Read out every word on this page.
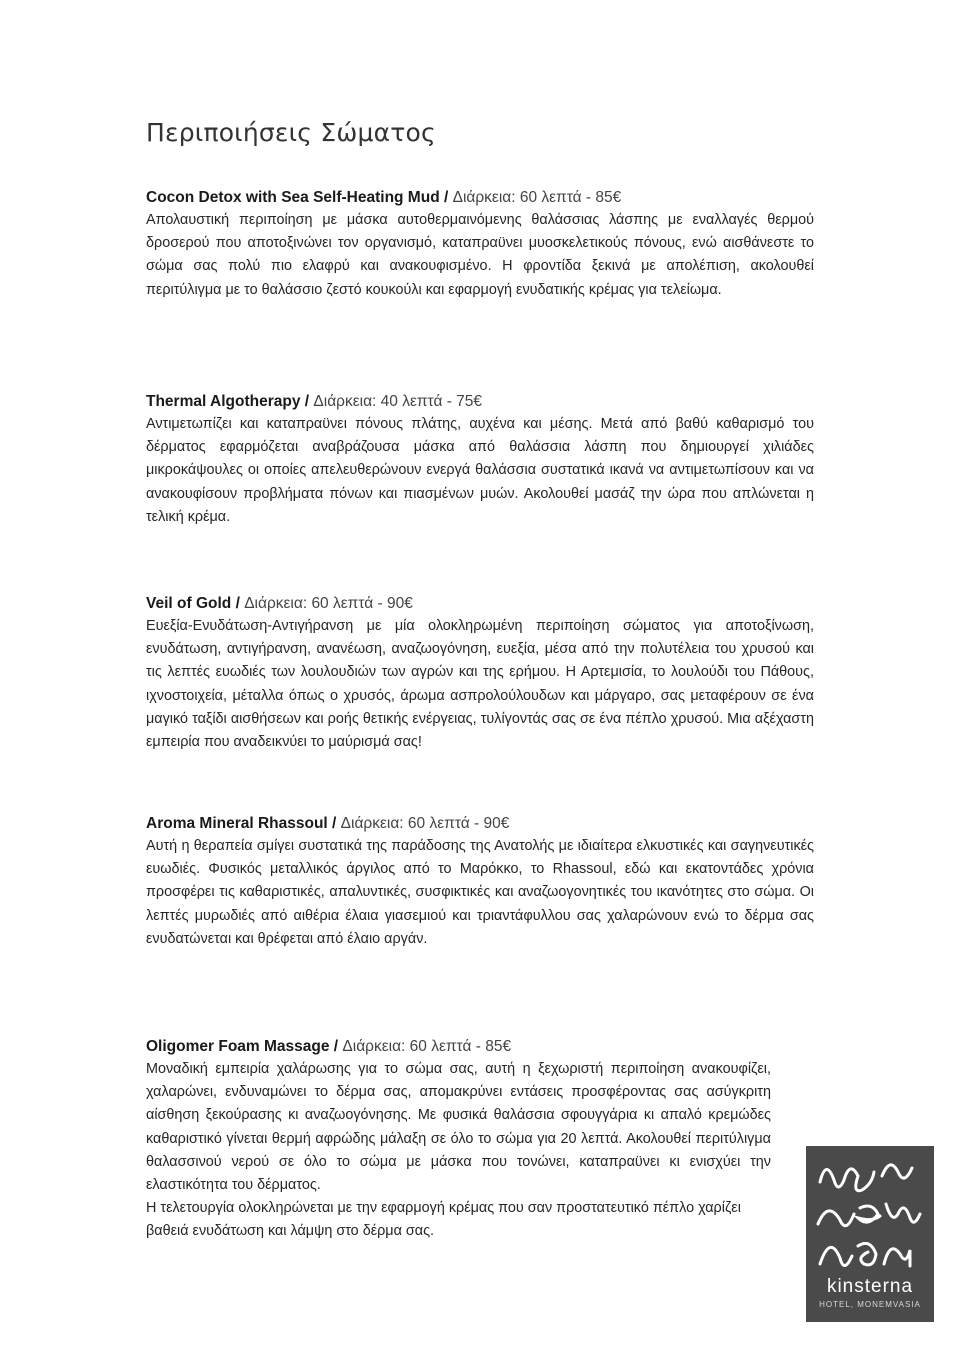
Περιποιήσεις Σώματος

Cocon Detox with Sea Self-Heating Mud / Διάρκεια: 60 λεπτά - 85€

Απολαυστική περιποίηση με μάσκα αυτοθερμαινόμενης θαλάσσιας λάσπης με εναλλαγές θερμού δροσερού που αποτοξινώνει τον οργανισμό, καταπραϋνει μυοσκελετικούς πόνους, ενώ αισθάνεστε το σώμα σας πολύ πιο ελαφρύ και ανακουφισμένο. Η φροντίδα ξεκινά με απολέπιση, ακολουθεί περιτύλιγμα με το θαλάσσιο ζεστό κουκούλι και εφαρμογή ενυδατικής κρέμας για τελείωμα.

Thermal Algotherapy / Διάρκεια: 40 λεπτά - 75€

Αντιμετωπίζει και καταπραϋνει πόνους πλάτης, αυχένα και μέσης. Μετά από βαθύ καθαρισμό του δέρματος εφαρμόζεται αναβράζουσα μάσκα από θαλάσσια λάσπη που δημιουργεί χιλιάδες μικροκάψουλες οι οποίες απελευθερώνουν ενεργά θαλάσσια συστατικά ικανά να αντιμετωπίσουν και να ανακουφίσουν προβλήματα πόνων και πιασμένων μυών. Ακολουθεί μασάζ την ώρα που απλώνεται η τελική κρέμα.

Veil of Gold / Διάρκεια: 60 λεπτά - 90€

Ευεξία-Ενυδάτωση-Αντιγήρανση με μία ολοκληρωμένη περιποίηση σώματος για αποτοξίνωση, ενυδάτωση, αντιγήρανση, ανανέωση, αναζωογόνηση, ευεξία, μέσα από την πολυτέλεια του χρυσού και τις λεπτές ευωδιές των λουλουδιών των αγρών και της ερήμου. Η Αρτεμισία, το λουλούδι του Πάθους, ιχνοστοιχεία, μέταλλα όπως ο χρυσός, άρωμα ασπρολούλουδων και μάργαρο, σας μεταφέρουν σε ένα μαγικό ταξίδι αισθήσεων και ροής θετικής ενέργειας, τυλίγοντάς σας σε ένα πέπλο χρυσού. Μια αξέχαστη εμπειρία που αναδεικνύει το μαύρισμά σας!

Aroma Mineral Rhassoul / Διάρκεια: 60 λεπτά - 90€

Αυτή η θεραπεία σμίγει συστατικά της παράδοσης της Ανατολής με ιδιαίτερα ελκυστικές και σαγηνευτικές ευωδιές. Φυσικός μεταλλικός άργιλος από το Μαρόκκο, το Rhassoul, εδώ και εκατοντάδες χρόνια προσφέρει τις καθαριστικές, απαλυντικές, συσφικτικές και αναζωογονητικές του ικανότητες στο σώμα. Οι λεπτές μυρωδιές από αιθέρια έλαια γιασεμιού και τριαντάφυλλου σας χαλαρώνουν ενώ το δέρμα σας ενυδατώνεται και θρέφεται από έλαιο αργάν.

Oligomer Foam Massage / Διάρκεια: 60 λεπτά - 85€

Μοναδική εμπειρία χαλάρωσης για το σώμα σας, αυτή η ξεχωριστή περιποίηση ανακουφίζει, χαλαρώνει, ενδυναμώνει το δέρμα σας, απομακρύνει εντάσεις προσφέροντας σας ασύγκριτη αίσθηση ξεκούρασης κι αναζωογόνησης. Με φυσικά θαλάσσια σφουγγάρια κι απαλό κρεμώδες καθαριστικό γίνεται θερμή αφρώδης μάλαξη σε όλο το σώμα για 20 λεπτά. Ακολουθεί περιτύλιγμα θαλασσινού νερού σε όλο το σώμα με μάσκα που τονώνει, καταπραϋνει κι ενισχύει την ελαστικότητα του δέρματος.

Η τελετουργία ολοκληρώνεται με την εφαρμογή κρέμας που σαν προστατευτικό πέπλο χαρίζει βαθειά ενυδάτωση και λάμψη στο δέρμα σας.

kinsterna
HOTEL, MONEMVASIA
